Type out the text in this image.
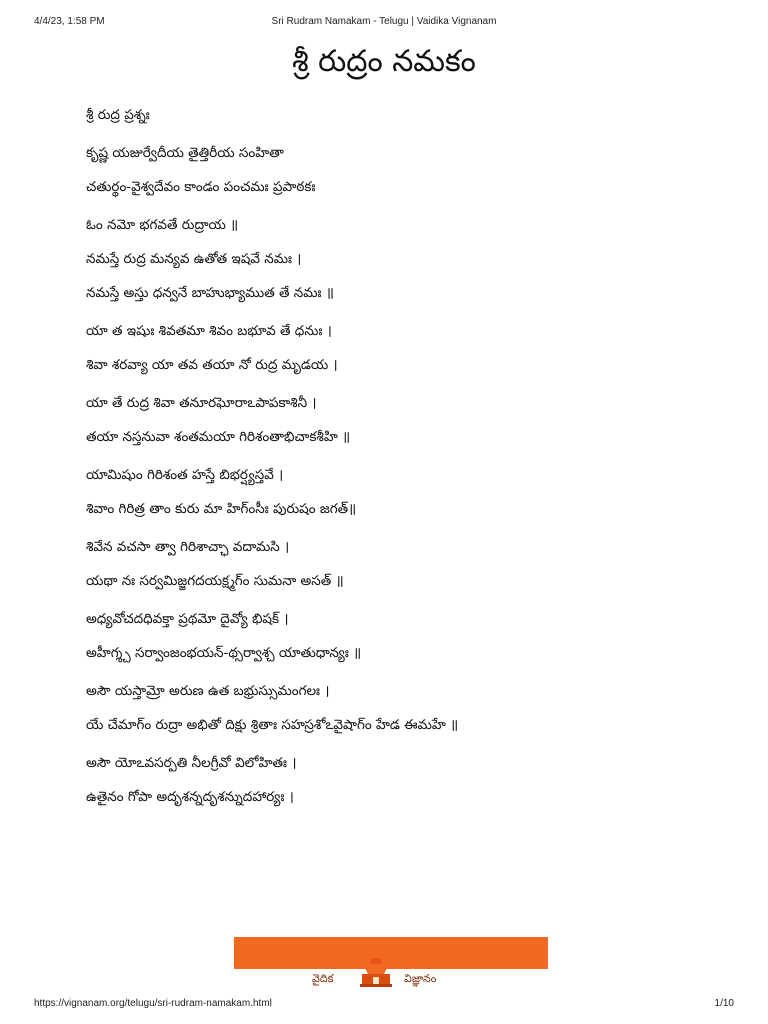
4/4/23, 1:58 PM	Sri Rudram Namakam - Telugu | Vaidika Vignanam
శ్రీ రుద్రం నమకం
శ్రీ రుద్ర ప్రశ్నః
కృష్ణ యజుర్వేదీయ తైత్తిరీయ సంహితా
చతుర్థం-వైశ్వదేవం కాండం పంచమః ప్రపాఠకః
ఓం నమో భగవతే రుద్రాయ ॥
నమస్తే రుద్ర మన్యవ ఉతోత ఇషవే నమః ।
నమస్తే అస్తు ధన్వనే బాహుభ్యాముత తే నమః ॥
యా త ఇషుః శివతమా శివం బభూవ తే ధనుః ।
శివా శరవ్యా యా తవ తయా నో రుద్ర మృడయ ।
యా తే రుద్ర శివా తనూరఘోరాఽపాపకాశినీ ।
తయా నస్తనువా శంతమయా గిరిశంతాభిచాకశీహి ॥
యామిషుం గిరిశంత హస్తే బిభర్ష్యస్తవే ।
శివాం గిరిత్ర తాం కురు మా హిగ్ంసీః పురుషం జగత్॥
శివేన వచసా త్వా గిరిశాచ్ఛా వదామసి ।
యథా నః సర్వమిజ్జగదయక్ష్మగ్ం సుమనా అసత్ ॥
అధ్యవోచదధివక్తా ప్రథమో దైవ్యో భిషక్ ।
అహీగ్శ్చ సర్వాంజంభయన్-థ్సర్వాశ్చ యాతుధాన్యః ॥
అసౌ యస్తామ్రో అరుణ ఉత బభ్రుస్సుమంగలః ।
యే చేమాగ్ం రుద్రా అభితో దిక్షు శ్రితాః సహస్రశోఽవైషాగ్ం హేడ ఈమహే ॥
అసౌ యోఽవసర్పతి నీలగ్రీవో విలోహితః ।
ఉతైనం గోపా అదృశన్నదృశన్నుదహార్యః ।
వైదిక	విజ్ఞానం
https://vignanam.org/telugu/sri-rudram-namakam.html	1/10
